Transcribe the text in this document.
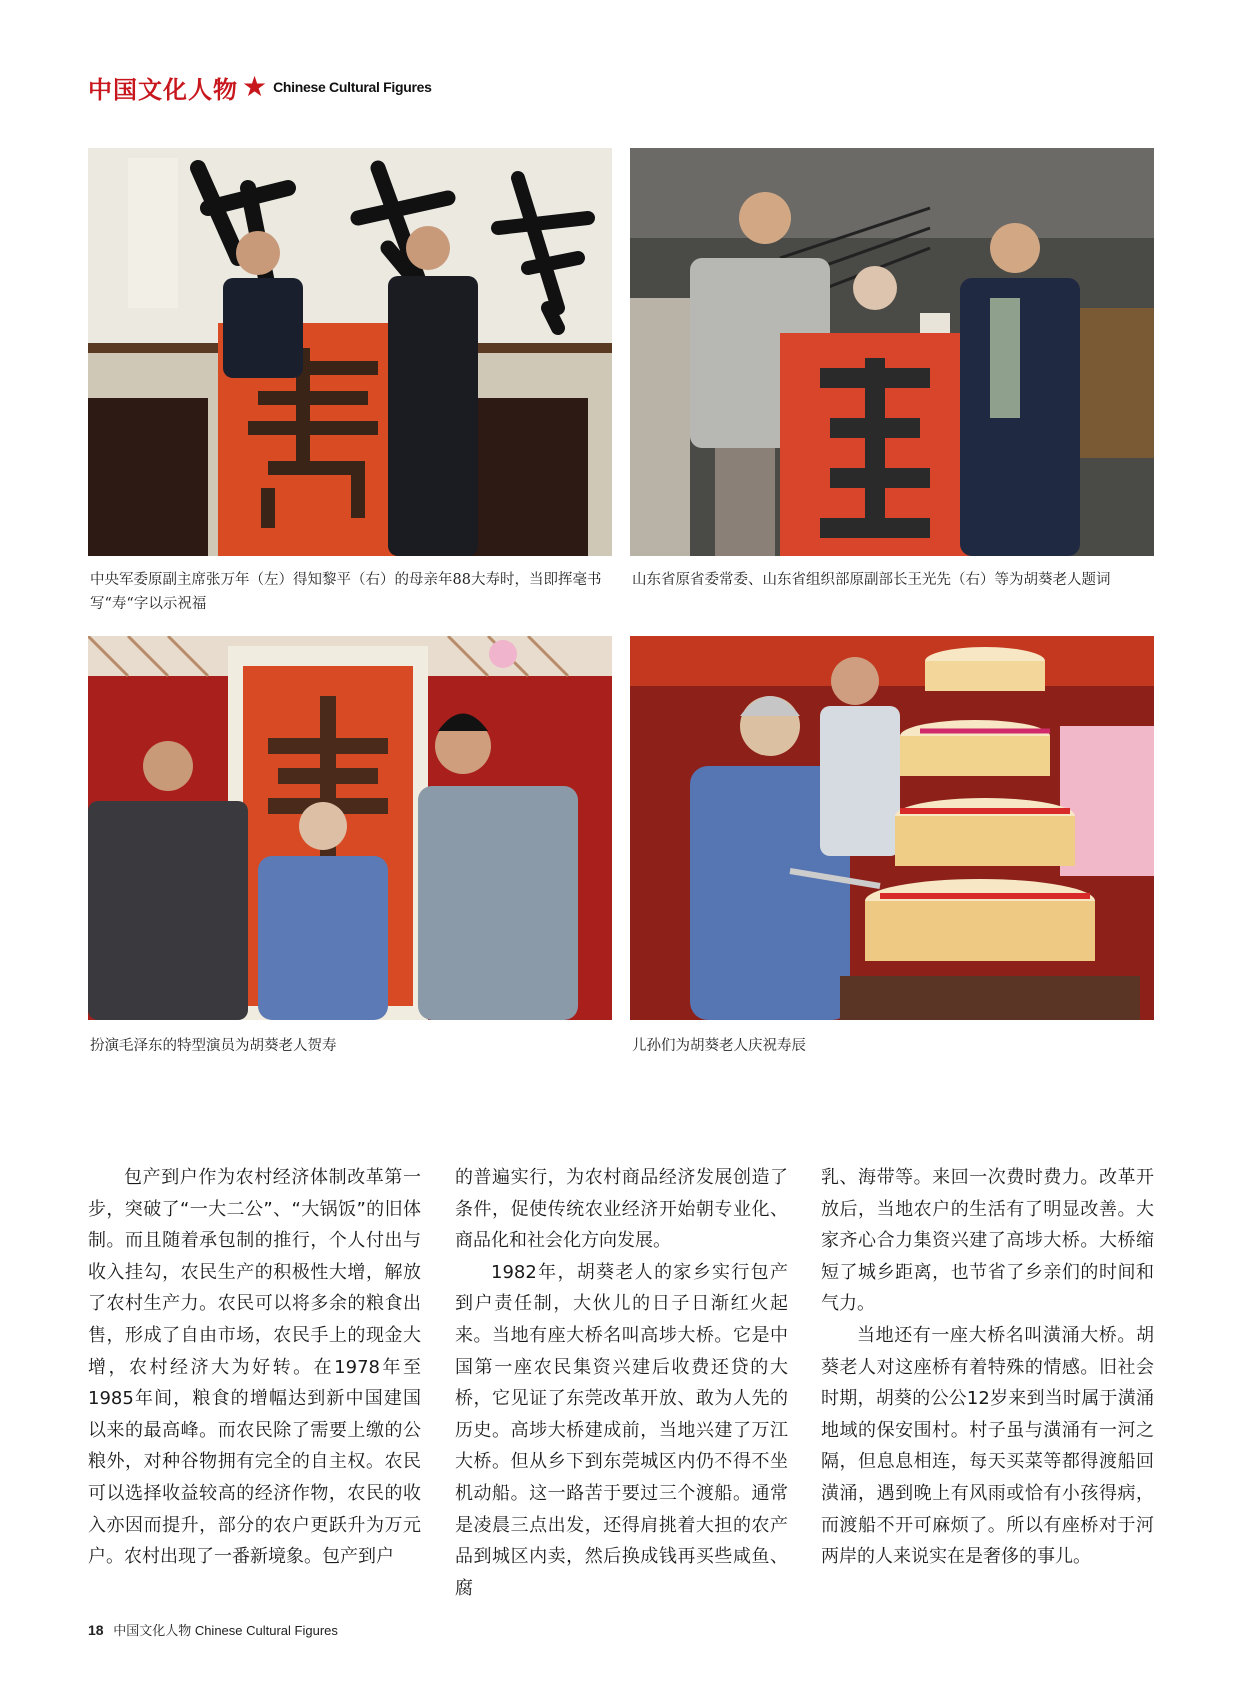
中国文化人物 ★ Chinese Cultural Figures
中央军委原副主席张万年（左）得知黎平（右）的母亲年88大寿时，当即挥毫书写“寿“字以示祝福
山东省原省委常委、山东省组织部原副部长王光先（右）等为胡葵老人题词
扮演毛泽东的特型演员为胡葵老人贺寿	儿孙们为胡葵老人庆祝寿辰

包产到户作为农村经济体制改革第一步，突破了“一大二公”、“大锅饭”的旧体制。而且随着承包制的推行，个人付出与收入挂勾，农民生产的积极性大增，解放了农村生产力。农民可以将多余的粮食出售，形成了自由市场，农民手上的现金大增，农村经济大为好转。在1978年至1985年间，粮食的增幅达到新中国建国以来的最高峰。而农民除了需要上缴的公粮外，对种谷物拥有完全的自主权。农民可以选择收益较高的经济作物，农民的收入亦因而提升，部分的农户更跃升为万元户。农村出现了一番新境象。包产到户

的普遍实行，为农村商品经济发展创造了条件，促使传统农业经济开始朝专业化、商品化和社会化方向发展。

1982年，胡葵老人的家乡实行包产到户责任制，大伙儿的日子日渐红火起来。当地有座大桥名叫高埗大桥。它是中国第一座农民集资兴建后收费还贷的大桥，它见证了东莞改革开放、敢为人先的历史。高埗大桥建成前，当地兴建了万江大桥。但从乡下到东莞城区内仍不得不坐机动船。这一路苦于要过三个渡船。通常是凌晨三点出发，还得肩挑着大担的农产品到城区内卖，然后换成钱再买些咸鱼、腐

乳、海带等。来回一次费时费力。改革开放后，当地农户的生活有了明显改善。大家齐心合力集资兴建了高埗大桥。大桥缩短了城乡距离，也节省了乡亲们的时间和气力。

当地还有一座大桥名叫潢涌大桥。胡葵老人对这座桥有着特殊的情感。旧社会时期，胡葵的公公12岁来到当时属于潢涌地域的保安围村。村子虽与潢涌有一河之隔，但息息相连，每天买菜等都得渡船回潢涌，遇到晚上有风雨或恰有小孩得病，而渡船不开可麻烦了。所以有座桥对于河两岸的人来说实在是奢侈的事儿。

18 中国文化人物 Chinese Cultural Figures
